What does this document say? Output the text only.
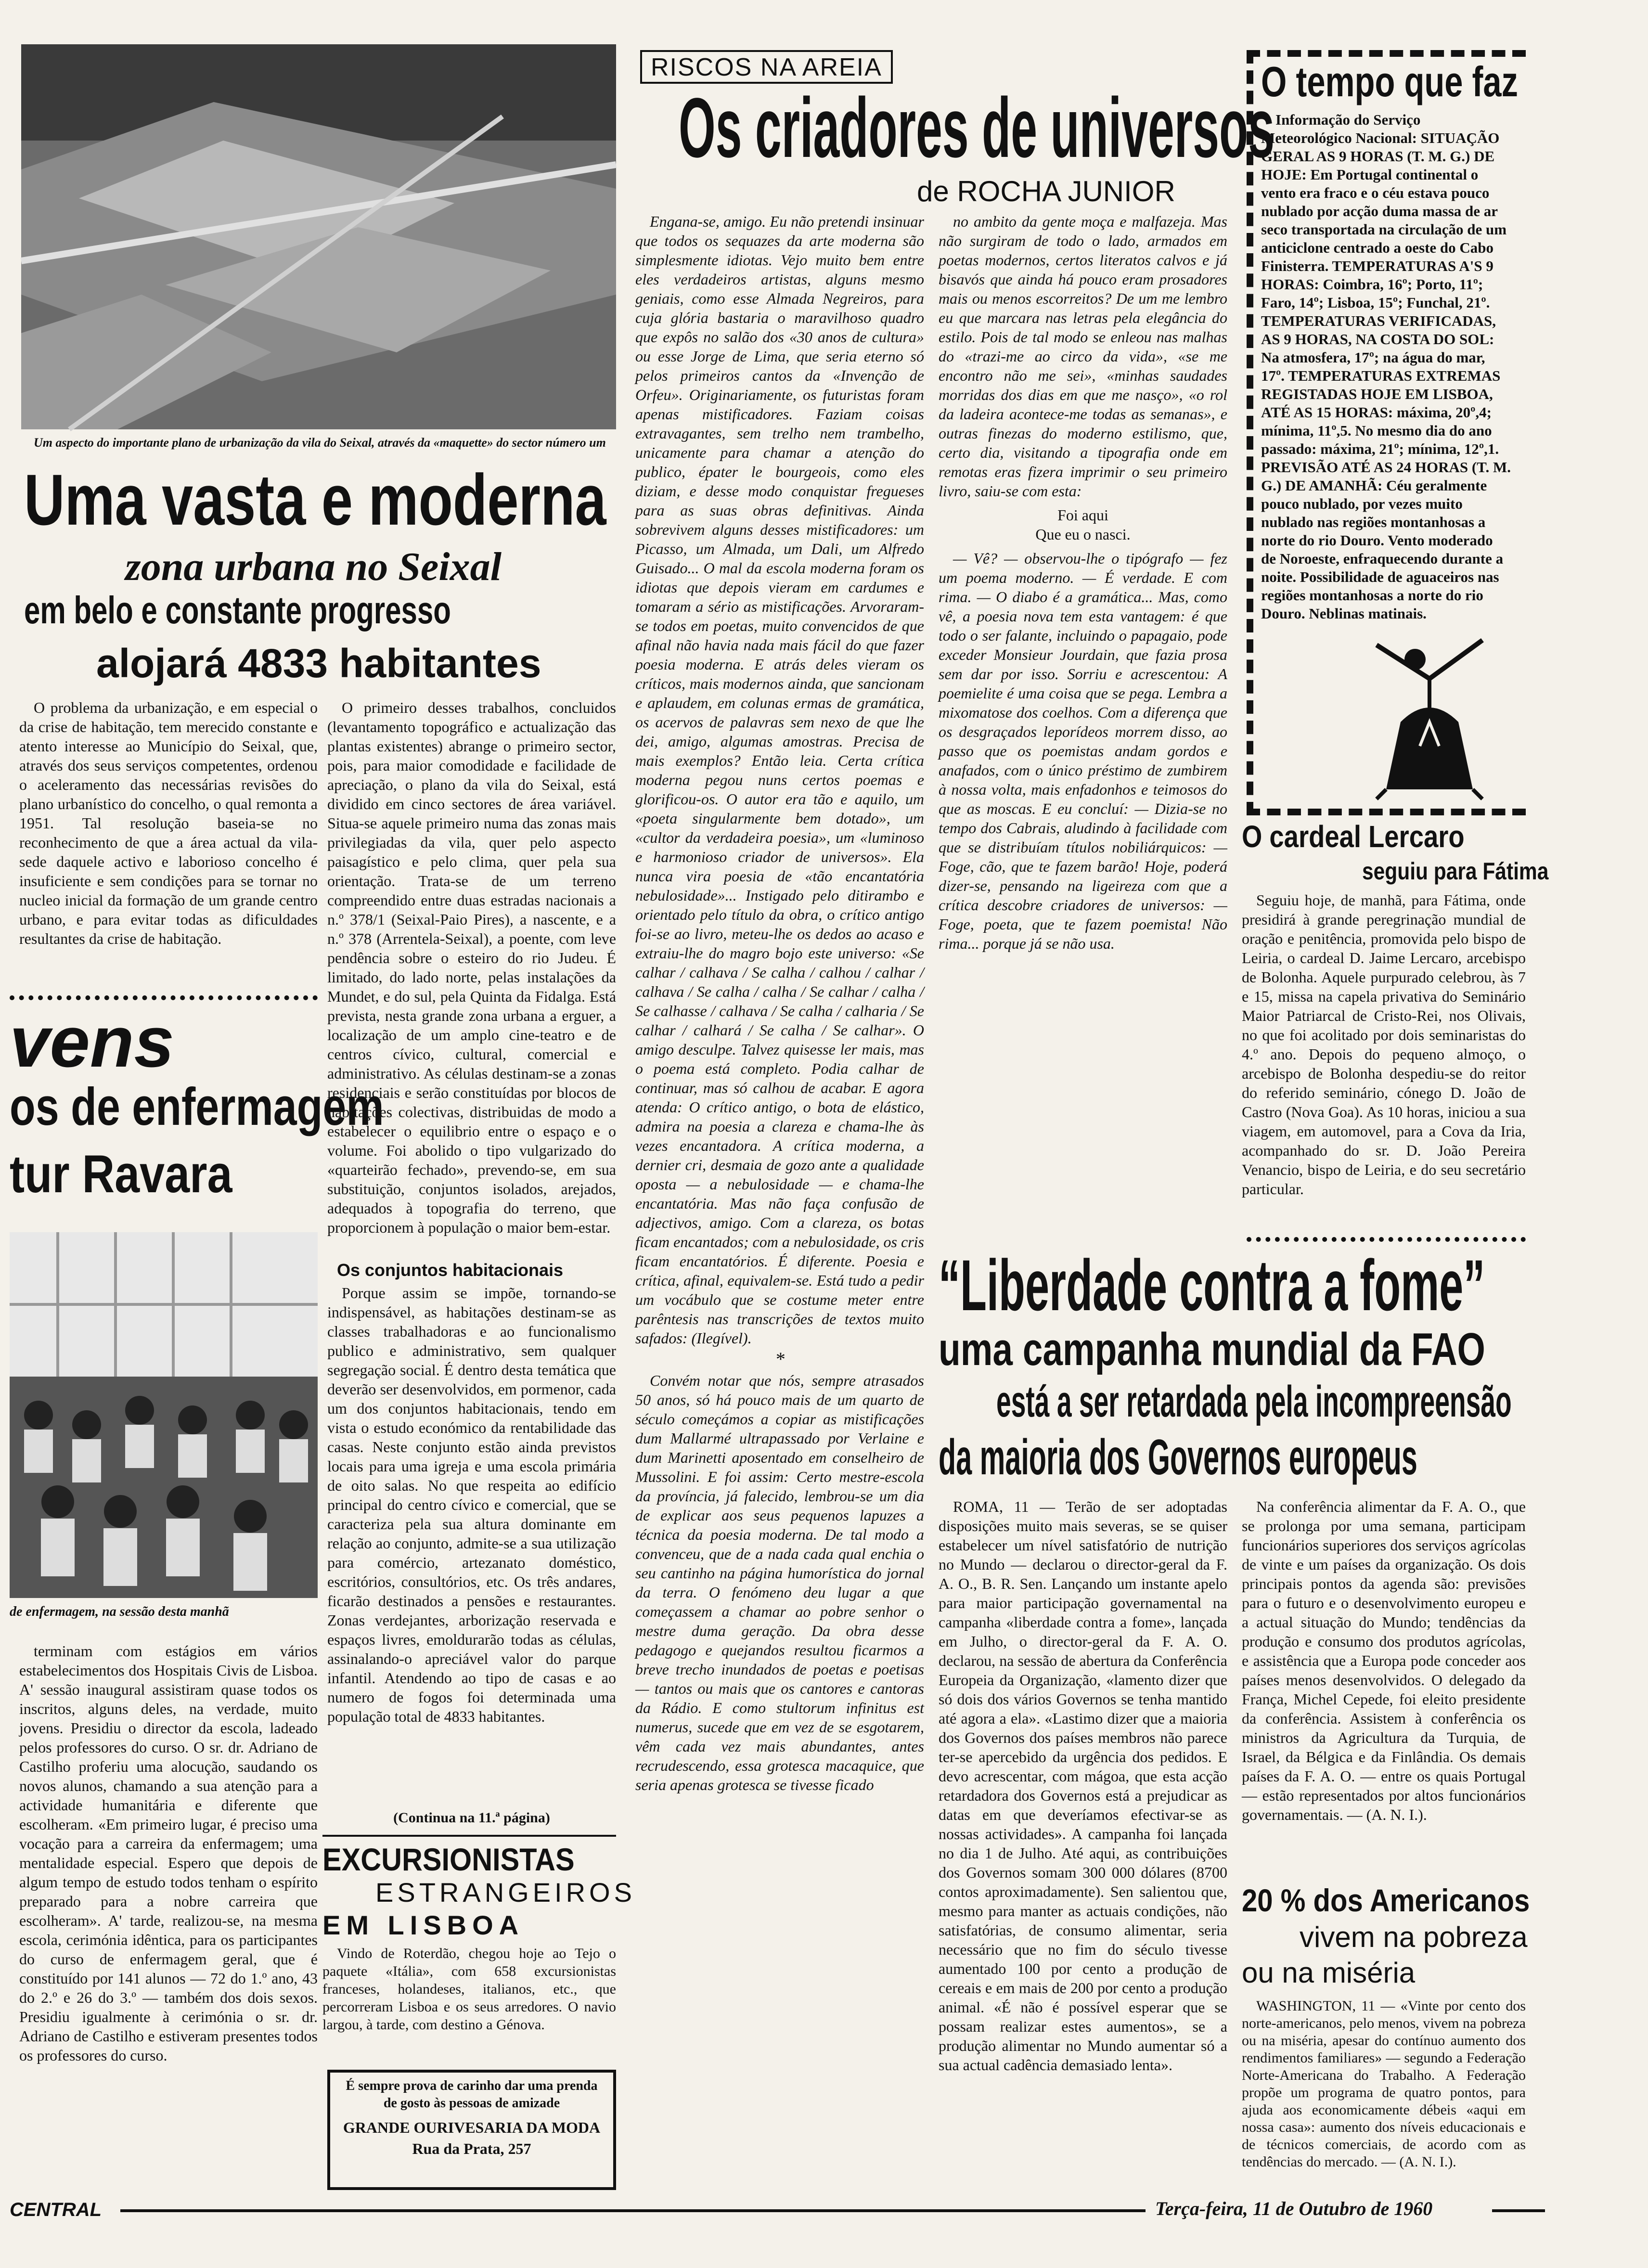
Um aspecto do importante plano de urbanização da vila do Seixal, através da «maquette» do sector número um
Uma vasta e moderna
zona urbana no Seixal
em belo e constante progresso
alojará 4833 habitantes

O problema da urbanização, e em especial o da crise de habitação, tem merecido constante e atento interesse ao Município do Seixal, que, através dos seus serviços competentes, ordenou o aceleramento das necessárias revisões do plano urbanístico do concelho, o qual remonta a 1951. Tal resolução baseia-se no reconhecimento de que a área actual da vila-sede daquele activo e laborioso concelho é insuficiente e sem condições para se tornar no nucleo inicial da formação de um grande centro urbano, e para evitar todas as dificuldades resultantes da crise de habitação.

O primeiro desses trabalhos, concluidos (levantamento topográfico e actualização das plantas existentes) abrange o primeiro sector, pois, para maior comodidade e facilidade de apreciação, o plano da vila do Seixal, está dividido em cinco sectores de área variável. Situa-se aquele primeiro numa das zonas mais privilegiadas da vila, quer pelo aspecto paisagístico e pelo clima, quer pela sua orientação. Trata-se de um terreno compreendido entre duas estradas nacionais a n.º 378/1 (Seixal-Paio Pires), a nascente, e a n.º 378 (Arrentela-Seixal), a poente, com leve pendência sobre o esteiro do rio Judeu. É limitado, do lado norte, pelas instalações da Mundet, e do sul, pela Quinta da Fidalga. Está prevista, nesta grande zona urbana a erguer, a localização de um amplo cine-teatro e de centros cívico, cultural, comercial e administrativo. As células destinam-se a zonas residenciais e serão constituídas por blocos de habitações colectivas, distribuidas de modo a estabelecer o equilibrio entre o espaço e o volume. Foi abolido o tipo vulgarizado do «quarteirão fechado», prevendo-se, em sua substituição, conjuntos isolados, arejados, adequados à topografia do terreno, que proporcionem à população o maior bem-estar.

Os conjuntos habitacionais

Porque assim se impõe, tornando-se indispensável, as habitações destinam-se as classes trabalhadoras e ao funcionalismo publico e administrativo, sem qualquer segregação social. É dentro desta temática que deverão ser desenvolvidos, em pormenor, cada um dos conjuntos habitacionais, tendo em vista o estudo económico da rentabilidade das casas. Neste conjunto estão ainda previstos locais para uma igreja e uma escola primária de oito salas. No que respeita ao edifício principal do centro cívico e comercial, que se caracteriza pela sua altura dominante em relação ao conjunto, admite-se a sua utilização para comércio, artezanato doméstico, escritórios, consultórios, etc. Os três andares, ficarão destinados a pensões e restaurantes. Zonas verdejantes, arborização reservada e espaços livres, emoldurarão todas as células, assinalando-o apreciável valor do parque infantil. Atendendo ao tipo de casas e ao numero de fogos foi determinada uma população total de 4833 habitantes.

(Continua na 11.ª página)
vens
os de enfermagem
tur Ravara
de enfermagem, na sessão desta manhã

terminam com estágios em vários estabelecimentos dos Hospitais Civis de Lisboa. A' sessão inaugural assistiram quase todos os inscritos, alguns deles, na verdade, muito jovens. Presidiu o director da escola, ladeado pelos professores do curso. O sr. dr. Adriano de Castilho proferiu uma alocução, saudando os novos alunos, chamando a sua atenção para a actividade humanitária e diferente que escolheram. «Em primeiro lugar, é preciso uma vocação para a carreira da enfermagem; uma mentalidade especial. Espero que depois de algum tempo de estudo todos tenham o espírito preparado para a nobre carreira que escolheram». A' tarde, realizou-se, na mesma escola, cerimónia idêntica, para os participantes do curso de enfermagem geral, que é constituído por 141 alunos — 72 do 1.º ano, 43 do 2.º e 26 do 3.º — também dos dois sexos. Presidiu igualmente à cerimónia o sr. dr. Adriano de Castilho e estiveram presentes todos os professores do curso.

EXCURSIONISTAS
ESTRANGEIROS
EM LISBOA

Vindo de Roterdão, chegou hoje ao Tejo o paquete «Itália», com 658 excursionistas franceses, holandeses, italianos, etc., que percorreram Lisboa e os seus arredores. O navio largou, à tarde, com destino a Génova.

É sempre prova de carinho dar uma prenda de gosto às pessoas de amizade
GRANDE OURIVESARIA DA MODA
Rua da Prata, 257
RISCOS NA AREIA
Os criadores de universos
de ROCHA JUNIOR

Engana-se, amigo. Eu não pretendi insinuar que todos os sequazes da arte moderna são simplesmente idiotas. Vejo muito bem entre eles verdadeiros artistas, alguns mesmo geniais, como esse Almada Negreiros, para cuja glória bastaria o maravilhoso quadro que expôs no salão dos «30 anos de cultura» ou esse Jorge de Lima, que seria eterno só pelos primeiros cantos da «Invenção de Orfeu». Originariamente, os futuristas foram apenas mistificadores. Faziam coisas extravagantes, sem trelho nem trambelho, unicamente para chamar a atenção do publico, épater le bourgeois, como eles diziam, e desse modo conquistar fregueses para as suas obras definitivas. Ainda sobrevivem alguns desses mistificadores: um Picasso, um Almada, um Dali, um Alfredo Guisado... O mal da escola moderna foram os idiotas que depois vieram em cardumes e tomaram a sério as mistificações. Arvoraram-se todos em poetas, muito convencidos de que afinal não havia nada mais fácil do que fazer poesia moderna. E atrás deles vieram os críticos, mais modernos ainda, que sancionam e aplaudem, em colunas ermas de gramática, os acervos de palavras sem nexo de que lhe dei, amigo, algumas amostras. Precisa de mais exemplos? Então leia. Certa crítica moderna pegou nuns certos poemas e glorificou-os. O autor era tão e aquilo, um «poeta singularmente bem dotado», um «cultor da verdadeira poesia», um «luminoso e harmonioso criador de universos». Ela nunca vira poesia de «tão encantatória nebulosidade»... Instigado pelo ditirambo e orientado pelo título da obra, o crítico antigo foi-se ao livro, meteu-lhe os dedos ao acaso e extraiu-lhe do magro bojo este universo: «Se calhar / calhava / Se calha / calhou / calhar / calhava / Se calha / calha / Se calhar / calha / Se calhasse / calhava / Se calha / calharia / Se calhar / calhará / Se calha / Se calhar». O amigo desculpe. Talvez quisesse ler mais, mas o poema está completo. Podia calhar de continuar, mas só calhou de acabar. E agora atenda: O crítico antigo, o bota de elástico, admira na poesia a clareza e chama-lhe às vezes encantadora. A crítica moderna, a dernier cri, desmaia de gozo ante a qualidade oposta — a nebulosidade — e chama-lhe encantatória. Mas não faça confusão de adjectivos, amigo. Com a clareza, os botas ficam encantados; com a nebulosidade, os cris ficam encantatórios. É diferente. Poesia e crítica, afinal, equivalem-se. Está tudo a pedir um vocábulo que se costume meter entre parêntesis nas transcrições de textos muito safados: (Ilegível).

*

Convém notar que nós, sempre atrasados 50 anos, só há pouco mais de um quarto de século começámos a copiar as mistificações dum Mallarmé ultrapassado por Verlaine e dum Marinetti aposentado em conselheiro de Mussolini. E foi assim: Certo mestre-escola da província, já falecido, lembrou-se um dia de explicar aos seus pequenos lapuzes a técnica da poesia moderna. De tal modo a convenceu, que de a nada cada qual enchia o seu cantinho na página humorística do jornal da terra. O fenómeno deu lugar a que começassem a chamar ao pobre senhor o mestre duma geração. Da obra desse pedagogo e quejandos resultou ficarmos a breve trecho inundados de poetas e poetisas — tantos ou mais que os cantores e cantoras da Rádio. E como stultorum infinitus est numerus, sucede que em vez de se esgotarem, vêm cada vez mais abundantes, antes recrudescendo, essa grotesca macaquice, que seria apenas grotesca se tivesse ficado

no ambito da gente moça e malfazeja. Mas não surgiram de todo o lado, armados em poetas modernos, certos literatos calvos e já bisavós que ainda há pouco eram prosadores mais ou menos escorreitos? De um me lembro eu que marcara nas letras pela elegância do estilo. Pois de tal modo se enleou nas malhas do «trazi-me ao circo da vida», «se me encontro não me sei», «minhas saudades morridas dos dias em que me nasço», «o rol da ladeira acontece-me todas as semanas», e outras finezas do moderno estilismo, que, certo dia, visitando a tipografia onde em remotas eras fizera imprimir o seu primeiro livro, saiu-se com esta:

Foi aqui
Que eu o nasci.

— Vê? — observou-lhe o tipógrafo — fez um poema moderno. — É verdade. E com rima. — O diabo é a gramática... Mas, como vê, a poesia nova tem esta vantagem: é que todo o ser falante, incluindo o papagaio, pode exceder Monsieur Jourdain, que fazia prosa sem dar por isso. Sorriu e acrescentou: A poemielite é uma coisa que se pega. Lembra a mixomatose dos coelhos. Com a diferença que os desgraçados leporídeos morrem disso, ao passo que os poemistas andam gordos e anafados, com o único préstimo de zumbirem à nossa volta, mais enfadonhos e teimosos do que as moscas. E eu concluí: — Dizia-se no tempo dos Cabrais, aludindo à facilidade com que se distribuíam títulos nobiliárquicos: — Foge, cão, que te fazem barão! Hoje, poderá dizer-se, pensando na ligeireza com que a crítica descobre criadores de universos: — Foge, poeta, que te fazem poemista! Não rima... porque já se não usa.

O tempo que faz

Informação do Serviço Meteorológico Nacional: SITUAÇÃO GERAL AS 9 HORAS (T. M. G.) DE HOJE: Em Portugal continental o vento era fraco e o céu estava pouco nublado por acção duma massa de ar seco transportada na circulação de um anticiclone centrado a oeste do Cabo Finisterra. TEMPERATURAS A'S 9 HORAS: Coimbra, 16º; Porto, 11º; Faro, 14º; Lisboa, 15º; Funchal, 21º. TEMPERATURAS VERIFICADAS, AS 9 HORAS, NA COSTA DO SOL: Na atmosfera, 17º; na água do mar, 17º. TEMPERATURAS EXTREMAS REGISTADAS HOJE EM LISBOA, ATÉ AS 15 HORAS: máxima, 20º,4; mínima, 11º,5. No mesmo dia do ano passado: máxima, 21º; mínima, 12º,1. PREVISÃO ATÉ AS 24 HORAS (T. M. G.) DE AMANHÃ: Céu geralmente pouco nublado, por vezes muito nublado nas regiões montanhosas a norte do rio Douro. Vento moderado de Noroeste, enfraquecendo durante a noite. Possibilidade de aguaceiros nas regiões montanhosas a norte do rio Douro. Neblinas matinais.

O cardeal Lercaro
seguiu para Fátima

Seguiu hoje, de manhã, para Fátima, onde presidirá à grande peregrinação mundial de oração e penitência, promovida pelo bispo de Leiria, o cardeal D. Jaime Lercaro, arcebispo de Bolonha. Aquele purpurado celebrou, às 7 e 15, missa na capela privativa do Seminário Maior Patriarcal de Cristo-Rei, nos Olivais, no que foi acolitado por dois seminaristas do 4.º ano. Depois do pequeno almoço, o arcebispo de Bolonha despediu-se do reitor do referido seminário, cónego D. João de Castro (Nova Goa). As 10 horas, iniciou a sua viagem, em automovel, para a Cova da Iria, acompanhado do sr. D. João Pereira Venancio, bispo de Leiria, e do seu secretário particular.

“Liberdade contra a fome”
uma campanha mundial da FAO
está a ser retardada pela incompreensão
da maioria dos Governos europeus

ROMA, 11 — Terão de ser adoptadas disposições muito mais severas, se se quiser estabelecer um nível satisfatório de nutrição no Mundo — declarou o director-geral da F. A. O., B. R. Sen. Lançando um instante apelo para maior participação governamental na campanha «liberdade contra a fome», lançada em Julho, o director-geral da F. A. O. declarou, na sessão de abertura da Conferência Europeia da Organização, «lamento dizer que só dois dos vários Governos se tenha mantido até agora a ela». «Lastimo dizer que a maioria dos Governos dos países membros não parece ter-se apercebido da urgência dos pedidos. E devo acrescentar, com mágoa, que esta acção retardadora dos Governos está a prejudicar as datas em que deveríamos efectivar-se as nossas actividades». A campanha foi lançada no dia 1 de Julho. Até aqui, as contribuições dos Governos somam 300 000 dólares (8700 contos aproximadamente). Sen salientou que, mesmo para manter as actuais condições, não satisfatórias, de consumo alimentar, seria necessário que no fim do século tivesse aumentado 100 por cento a produção de cereais e em mais de 200 por cento a produção animal. «É não é possível esperar que se possam realizar estes aumentos», se a produção alimentar no Mundo aumentar só a sua actual cadência demasiado lenta».

Na conferência alimentar da F. A. O., que se prolonga por uma semana, participam funcionários superiores dos serviços agrícolas de vinte e um países da organização. Os dois principais pontos da agenda são: previsões para o futuro e o desenvolvimento europeu e a actual situação do Mundo; tendências da produção e consumo dos produtos agrícolas, e assistência que a Europa pode conceder aos países menos desenvolvidos. O delegado da França, Michel Cepede, foi eleito presidente da conferência. Assistem à conferência os ministros da Agricultura da Turquia, de Israel, da Bélgica e da Finlândia. Os demais países da F. A. O. — entre os quais Portugal — estão representados por altos funcionários governamentais. — (A. N. I.).

20 % dos Americanos
vivem na pobreza
ou na miséria

WASHINGTON, 11 — «Vinte por cento dos norte-americanos, pelo menos, vivem na pobreza ou na miséria, apesar do contínuo aumento dos rendimentos familiares» — segundo a Federação Norte-Americana do Trabalho. A Federação propõe um programa de quatro pontos, para ajuda aos economicamente débeis «aqui em nossa casa»: aumento dos níveis educacionais e de técnicos comerciais, de acordo com as tendências do mercado. — (A. N. I.).

CENTRAL	Terça-feira, 11 de Outubro de 1960
